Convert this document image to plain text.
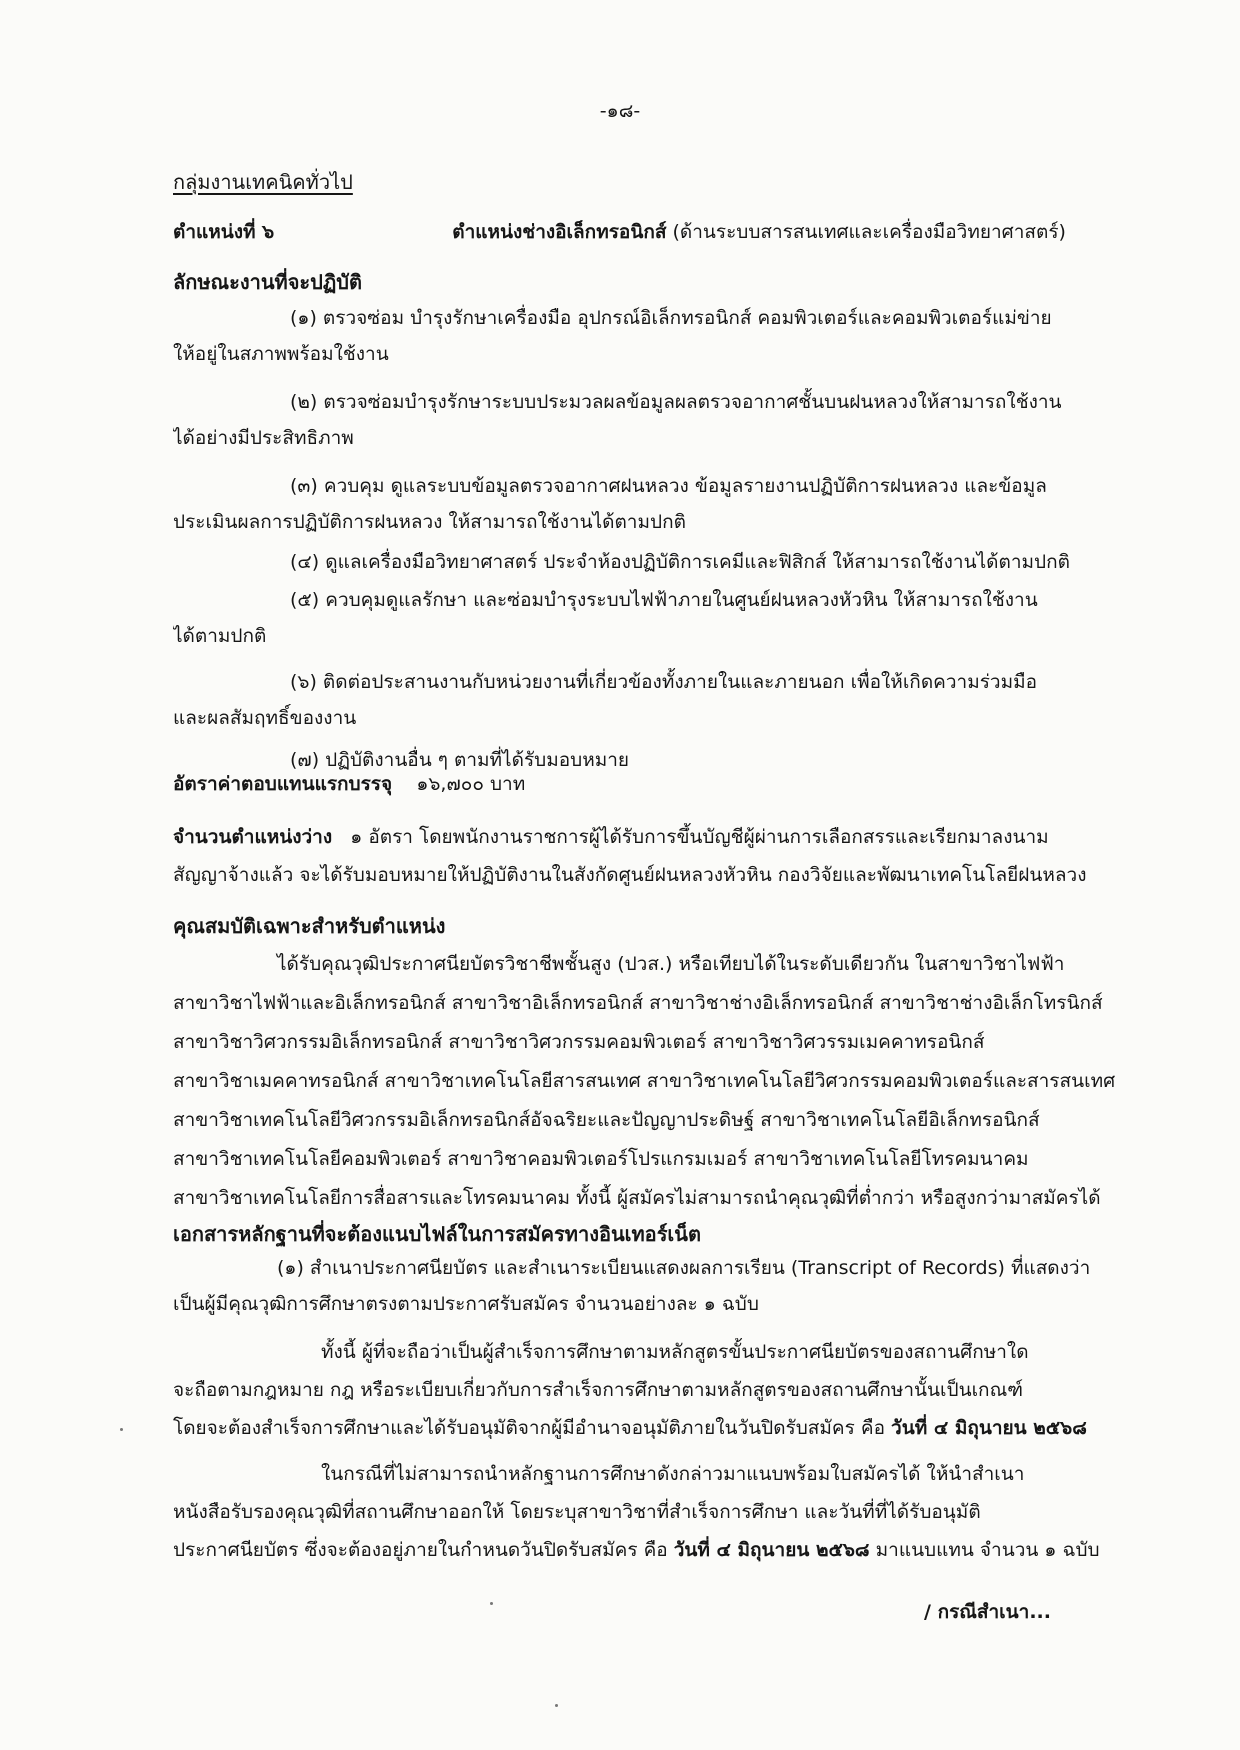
-๑๘-
กลุ่มงานเทคนิคทั่วไป
ตำแหน่งที่ ๖	ตำแหน่งช่างอิเล็กทรอนิกส์ (ด้านระบบสารสนเทศและเครื่องมือวิทยาศาสตร์)
ลักษณะงานที่จะปฏิบัติ
(๑) ตรวจซ่อม บำรุงรักษาเครื่องมือ อุปกรณ์อิเล็กทรอนิกส์ คอมพิวเตอร์และคอมพิวเตอร์แม่ข่าย
ให้อยู่ในสภาพพร้อมใช้งาน
(๒) ตรวจซ่อมบำรุงรักษาระบบประมวลผลข้อมูลผลตรวจอากาศชั้นบนฝนหลวงให้สามารถใช้งาน
ได้อย่างมีประสิทธิภาพ
(๓) ควบคุม ดูแลระบบข้อมูลตรวจอากาศฝนหลวง ข้อมูลรายงานปฏิบัติการฝนหลวง และข้อมูล
ประเมินผลการปฏิบัติการฝนหลวง ให้สามารถใช้งานได้ตามปกติ
(๔) ดูแลเครื่องมือวิทยาศาสตร์ ประจำห้องปฏิบัติการเคมีและฟิสิกส์ ให้สามารถใช้งานได้ตามปกติ
(๕) ควบคุมดูแลรักษา และซ่อมบำรุงระบบไฟฟ้าภายในศูนย์ฝนหลวงหัวหิน ให้สามารถใช้งาน
ได้ตามปกติ
(๖) ติดต่อประสานงานกับหน่วยงานที่เกี่ยวข้องทั้งภายในและภายนอก เพื่อให้เกิดความร่วมมือ
และผลสัมฤทธิ์ของงาน
(๗) ปฏิบัติงานอื่น ๆ ตามที่ได้รับมอบหมาย
อัตราค่าตอบแทนแรกบรรจุ ๑๖,๗๐๐ บาท
จำนวนตำแหน่งว่าง ๑ อัตรา โดยพนักงานราชการผู้ได้รับการขึ้นบัญชีผู้ผ่านการเลือกสรรและเรียกมาลงนาม
สัญญาจ้างแล้ว จะได้รับมอบหมายให้ปฏิบัติงานในสังกัดศูนย์ฝนหลวงหัวหิน กองวิจัยและพัฒนาเทคโนโลยีฝนหลวง
คุณสมบัติเฉพาะสำหรับตำแหน่ง
ได้รับคุณวุฒิประกาศนียบัตรวิชาชีพชั้นสูง (ปวส.) หรือเทียบได้ในระดับเดียวกัน ในสาขาวิชาไฟฟ้า
สาขาวิชาไฟฟ้าและอิเล็กทรอนิกส์ สาขาวิชาอิเล็กทรอนิกส์ สาขาวิชาช่างอิเล็กทรอนิกส์ สาขาวิชาช่างอิเล็กโทรนิกส์
สาขาวิชาวิศวกรรมอิเล็กทรอนิกส์ สาขาวิชาวิศวกรรมคอมพิวเตอร์ สาขาวิชาวิศวรรมเมคคาทรอนิกส์
สาขาวิชาเมคคาทรอนิกส์ สาขาวิชาเทคโนโลยีสารสนเทศ สาขาวิชาเทคโนโลยีวิศวกรรมคอมพิวเตอร์และสารสนเทศ
สาขาวิชาเทคโนโลยีวิศวกรรมอิเล็กทรอนิกส์อัจฉริยะและปัญญาประดิษฐ์ สาขาวิชาเทคโนโลยีอิเล็กทรอนิกส์
สาขาวิชาเทคโนโลยีคอมพิวเตอร์ สาขาวิชาคอมพิวเตอร์โปรแกรมเมอร์ สาขาวิชาเทคโนโลยีโทรคมนาคม
สาขาวิชาเทคโนโลยีการสื่อสารและโทรคมนาคม ทั้งนี้ ผู้สมัครไม่สามารถนำคุณวุฒิที่ต่ำกว่า หรือสูงกว่ามาสมัครได้
เอกสารหลักฐานที่จะต้องแนบไฟล์ในการสมัครทางอินเทอร์เน็ต
(๑) สำเนาประกาศนียบัตร และสำเนาระเบียนแสดงผลการเรียน (Transcript of Records) ที่แสดงว่า
เป็นผู้มีคุณวุฒิการศึกษาตรงตามประกาศรับสมัคร จำนวนอย่างละ ๑ ฉบับ
ทั้งนี้ ผู้ที่จะถือว่าเป็นผู้สำเร็จการศึกษาตามหลักสูตรขั้นประกาศนียบัตรของสถานศึกษาใด
จะถือตามกฎหมาย กฎ หรือระเบียบเกี่ยวกับการสำเร็จการศึกษาตามหลักสูตรของสถานศึกษานั้นเป็นเกณฑ์
โดยจะต้องสำเร็จการศึกษาและได้รับอนุมัติจากผู้มีอำนาจอนุมัติภายในวันปิดรับสมัคร คือ วันที่ ๔ มิถุนายน ๒๕๖๘
ในกรณีที่ไม่สามารถนำหลักฐานการศึกษาดังกล่าวมาแนบพร้อมใบสมัครได้ ให้นำสำเนา
หนังสือรับรองคุณวุฒิที่สถานศึกษาออกให้ โดยระบุสาขาวิชาที่สำเร็จการศึกษา และวันที่ที่ได้รับอนุมัติ
ประกาศนียบัตร ซึ่งจะต้องอยู่ภายในกำหนดวันปิดรับสมัคร คือ วันที่ ๔ มิถุนายน ๒๕๖๘ มาแนบแทน จำนวน ๑ ฉบับ
/ กรณีสำเนา...
